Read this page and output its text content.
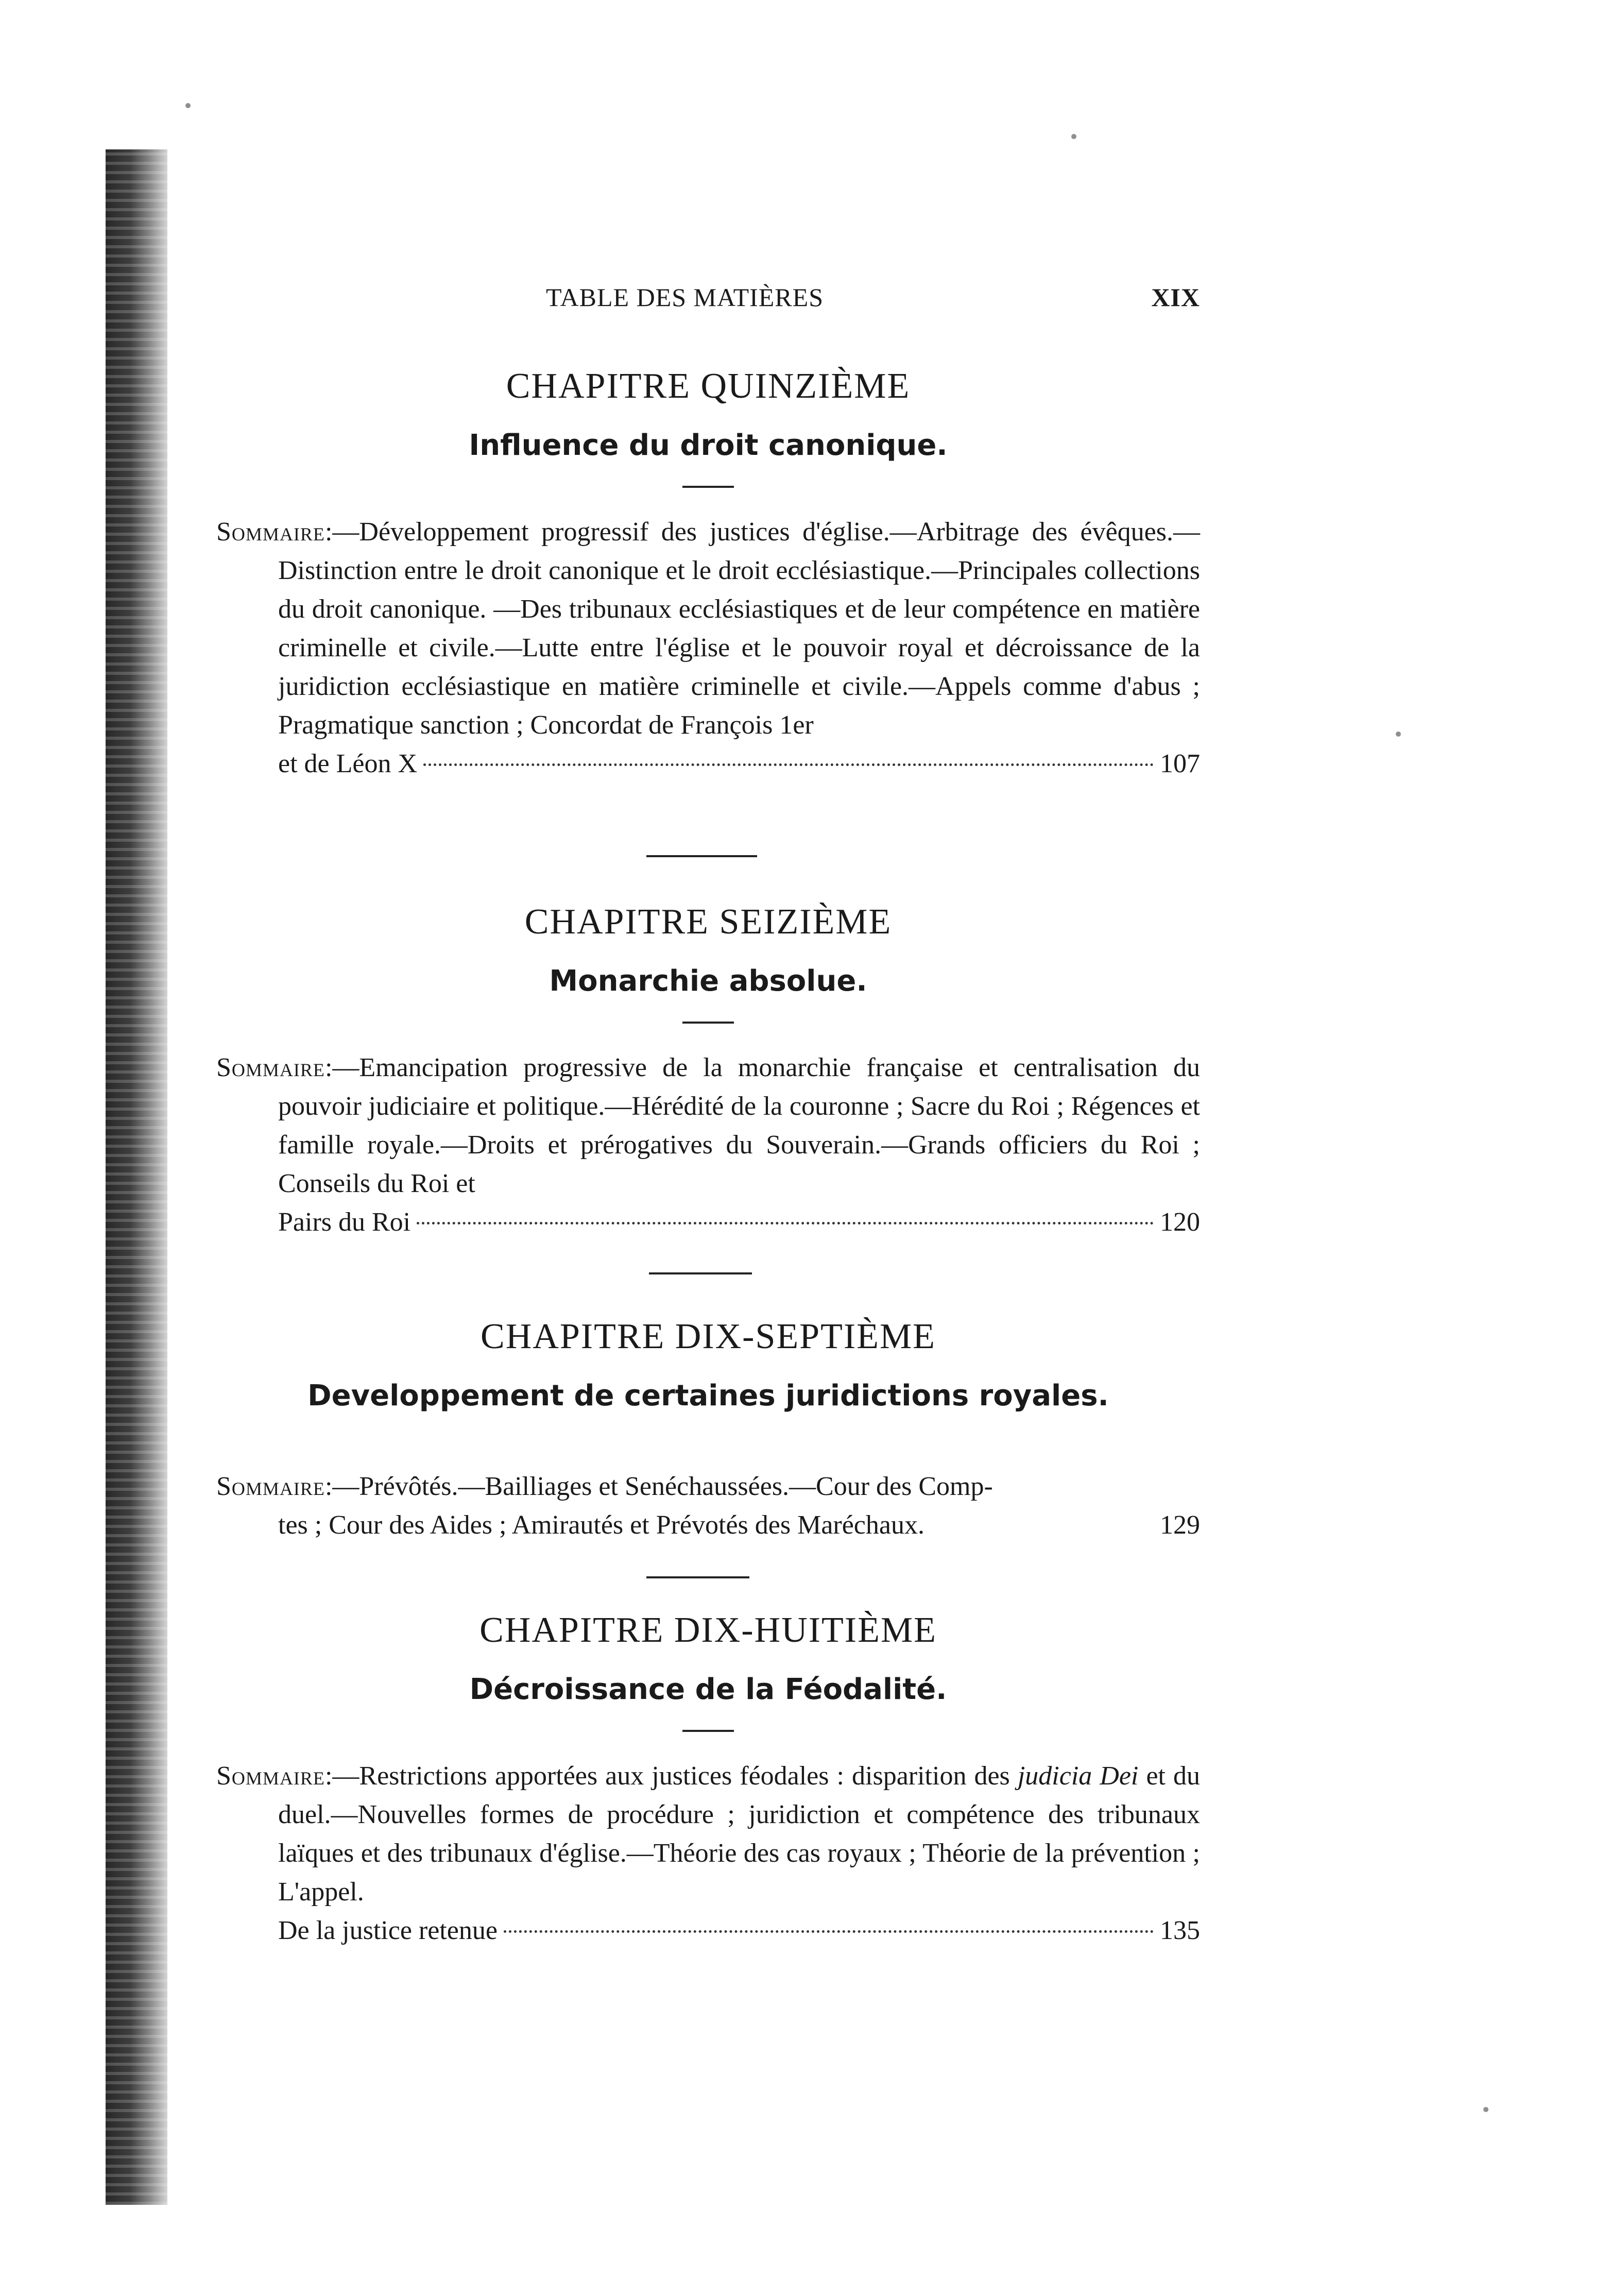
TABLE DES MATIÈRES	XIX
CHAPITRE QUINZIÈME
Influence du droit canonique.
Sommaire:—Développement progressif des justices d'église.—Arbitrage des évêques.—Distinction entre le droit canonique et le droit ecclésiastique.—Principales collections du droit canonique. —Des tribunaux ecclésiastiques et de leur compétence en matière criminelle et civile.—Lutte entre l'église et le pouvoir royal et décroissance de la juridiction ecclésiastique en matière criminelle et civile.—Appels comme d'abus ; Pragmatique sanction ; Concordat de François 1er
et de Léon X	107
CHAPITRE SEIZIÈME
Monarchie absolue.
Sommaire:—Emancipation progressive de la monarchie française et centralisation du pouvoir judiciaire et politique.—Hérédité de la couronne ; Sacre du Roi ; Régences et famille royale.—Droits et prérogatives du Souverain.—Grands officiers du Roi ; Conseils du Roi et
Pairs du Roi	120
CHAPITRE DIX-SEPTIÈME
Developpement de certaines juridictions royales.
Sommaire:—Prévôtés.—Bailliages et Senéchaussées.—Cour des Comp-
tes ; Cour des Aides ; Amirautés et Prévotés des Maréchaux.	129
CHAPITRE DIX-HUITIÈME
Décroissance de la Féodalité.
Sommaire:—Restrictions apportées aux justices féodales : disparition des judicia Dei et du duel.—Nouvelles formes de procédure ; juridiction et compétence des tribunaux laïques et des tribunaux d'église.—Théorie des cas royaux ; Théorie de la prévention ; L'appel.
De la justice retenue	135
